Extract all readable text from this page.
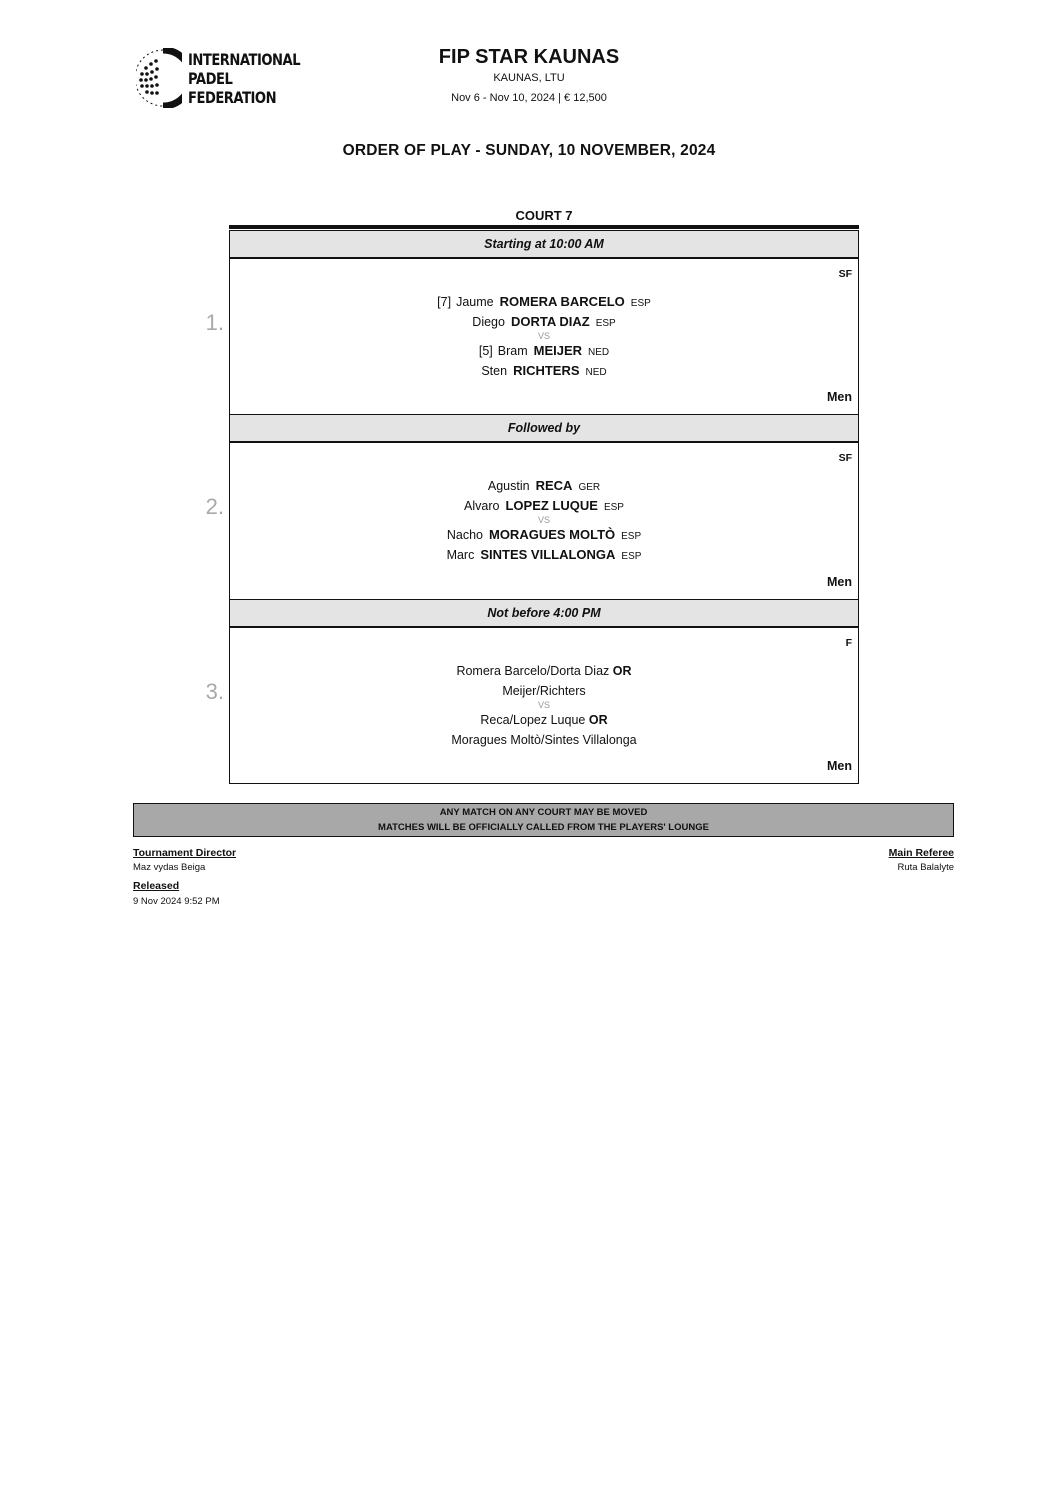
INTERNATIONAL
PADEL
FEDERATION
FIP STAR KAUNAS
KAUNAS, LTU
Nov 6 - Nov 10, 2024 | € 12,500
ORDER OF PLAY - SUNDAY, 10 NOVEMBER, 2024
COURT 7
Starting at 10:00 AM
SF
[7] Jaume ROMERA BARCELO ESP
Diego DORTA DIAZ ESP
VS
[5] Bram MEIJER NED
Sten RICHTERS NED
Men
1.
Followed by
SF
Agustin RECA GER
Alvaro LOPEZ LUQUE ESP
VS
Nacho MORAGUES MOLTÒ ESP
Marc SINTES VILLALONGA ESP
Men
2.
Not before 4:00 PM
F
Romera Barcelo/Dorta Diaz OR
Meijer/Richters
VS
Reca/Lopez Luque OR
Moragues Moltò/Sintes Villalonga
Men
3.
ANY MATCH ON ANY COURT MAY BE MOVED
MATCHES WILL BE OFFICIALLY CALLED FROM THE PLAYERS' LOUNGE
Tournament Director
Maz vydas Beiga
Released
9 Nov 2024 9:52 PM
Main Referee
Ruta Balalyte
